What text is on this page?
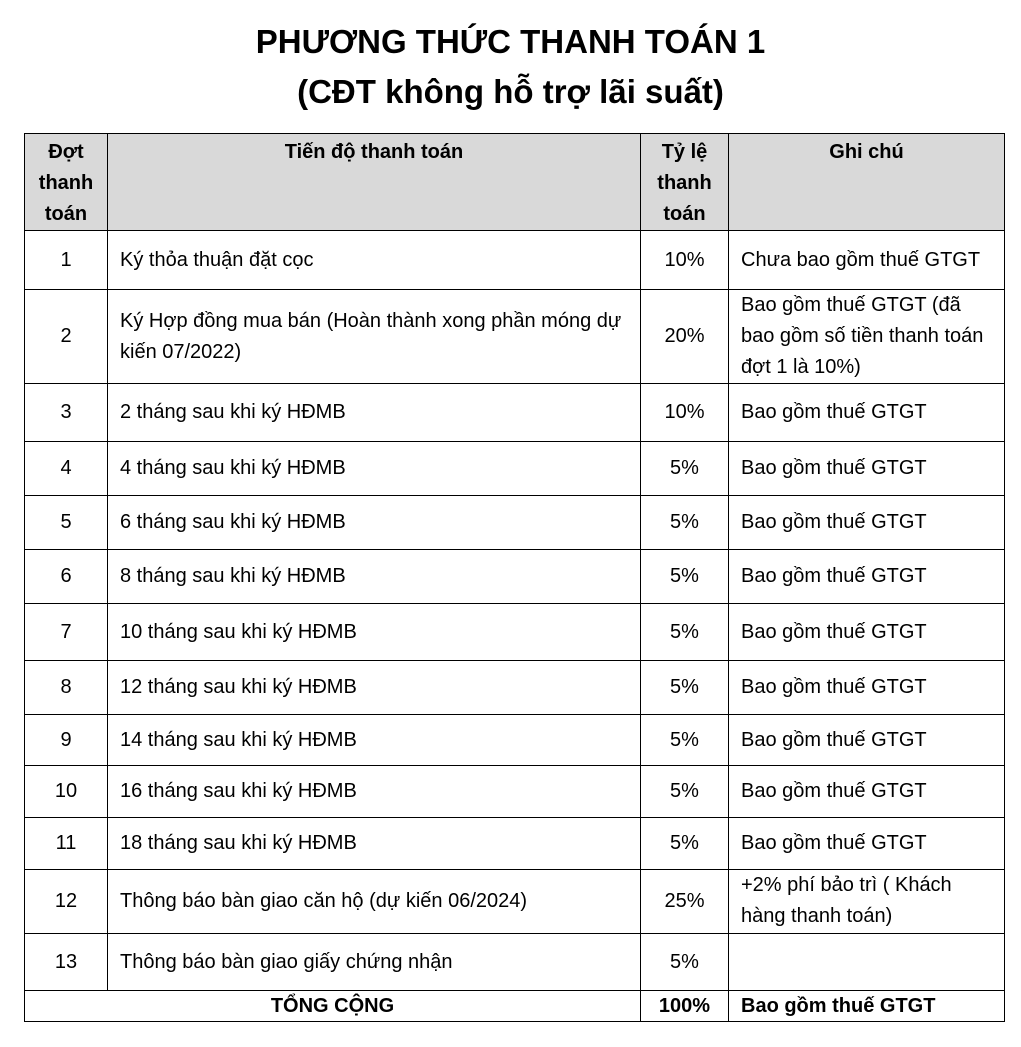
PHƯƠNG THỨC THANH TOÁN 1
(CĐT không hỗ trợ lãi suất)
Đợt thanh toán	Tiến độ thanh toán	Tỷ lệ thanh toán	Ghi chú
1	Ký thỏa thuận đặt cọc	10%	Chưa bao gồm thuế GTGT
2	Ký Hợp đồng mua bán (Hoàn thành xong phần móng dự kiến 07/2022)	20%	Bao gồm thuế GTGT (đã bao gồm số tiền thanh toán đợt 1 là 10%)
3	2 tháng sau khi ký HĐMB	10%	Bao gồm thuế GTGT
4	4 tháng sau khi ký HĐMB	5%	Bao gồm thuế GTGT
5	6 tháng sau khi ký HĐMB	5%	Bao gồm thuế GTGT
6	8 tháng sau khi ký HĐMB	5%	Bao gồm thuế GTGT
7	10 tháng sau khi ký HĐMB	5%	Bao gồm thuế GTGT
8	12 tháng sau khi ký HĐMB	5%	Bao gồm thuế GTGT
9	14 tháng sau khi ký HĐMB	5%	Bao gồm thuế GTGT
10	16 tháng sau khi ký HĐMB	5%	Bao gồm thuế GTGT
11	18 tháng sau khi ký HĐMB	5%	Bao gồm thuế GTGT
12	Thông báo bàn giao căn hộ (dự kiến 06/2024)	25%	+2% phí bảo trì ( Khách hàng thanh toán)
13	Thông báo bàn giao giấy chứng nhận	5%	
TỔNG CỘNG		100%	Bao gồm thuế GTGT
